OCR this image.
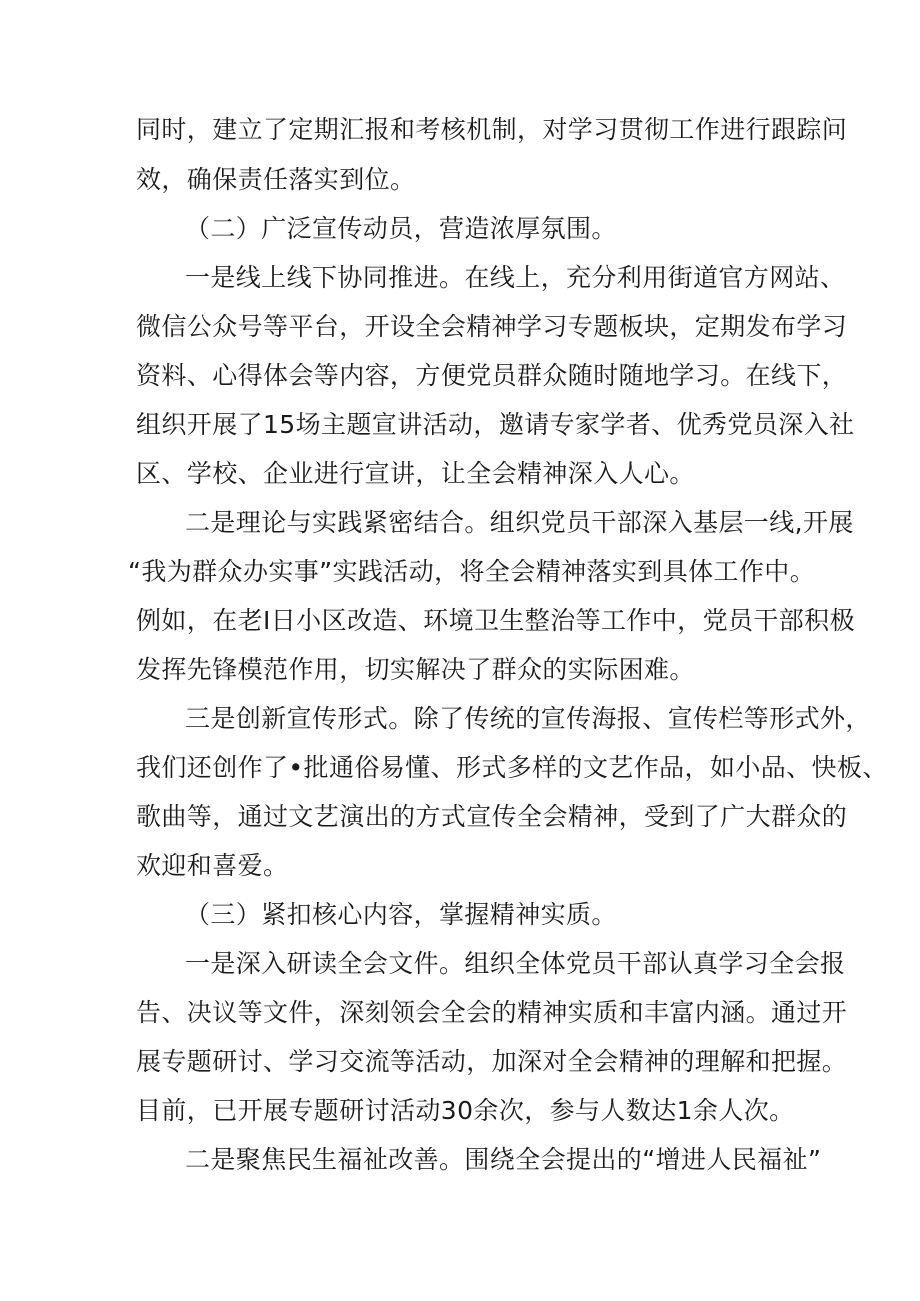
同时，建立了定期汇报和考核机制，对学习贯彻工作进行跟踪问
效，确保责任落实到位。
（二）广泛宣传动员，营造浓厚氛围。
一是线上线下协同推进。在线上，充分利用街道官方网站、
微信公众号等平台，开设全会精神学习专题板块，定期发布学习
资料、心得体会等内容，方便党员群众随时随地学习。在线下，
组织开展了15场主题宣讲活动，邀请专家学者、优秀党员深入社
区、学校、企业进行宣讲，让全会精神深入人心。
二是理论与实践紧密结合。组织党员干部深入基层一线,开展
“我为群众办实事”实践活动，将全会精神落实到具体工作中。
例如，在老I日小区改造、环境卫生整治等工作中，党员干部积极
发挥先锋模范作用，切实解决了群众的实际困难。
三是创新宣传形式。除了传统的宣传海报、宣传栏等形式外，
我们还创作了•批通俗易懂、形式多样的文艺作品，如小品、快板、
歌曲等，通过文艺演出的方式宣传全会精神，受到了广大群众的
欢迎和喜爱。
（三）紧扣核心内容，掌握精神实质。
一是深入研读全会文件。组织全体党员干部认真学习全会报
告、决议等文件，深刻领会全会的精神实质和丰富内涵。通过开
展专题研讨、学习交流等活动，加深对全会精神的理解和把握。
目前，已开展专题研讨活动30余次，参与人数达1余人次。
二是聚焦民生福祉改善。围绕全会提出的“增进人民福祉”
